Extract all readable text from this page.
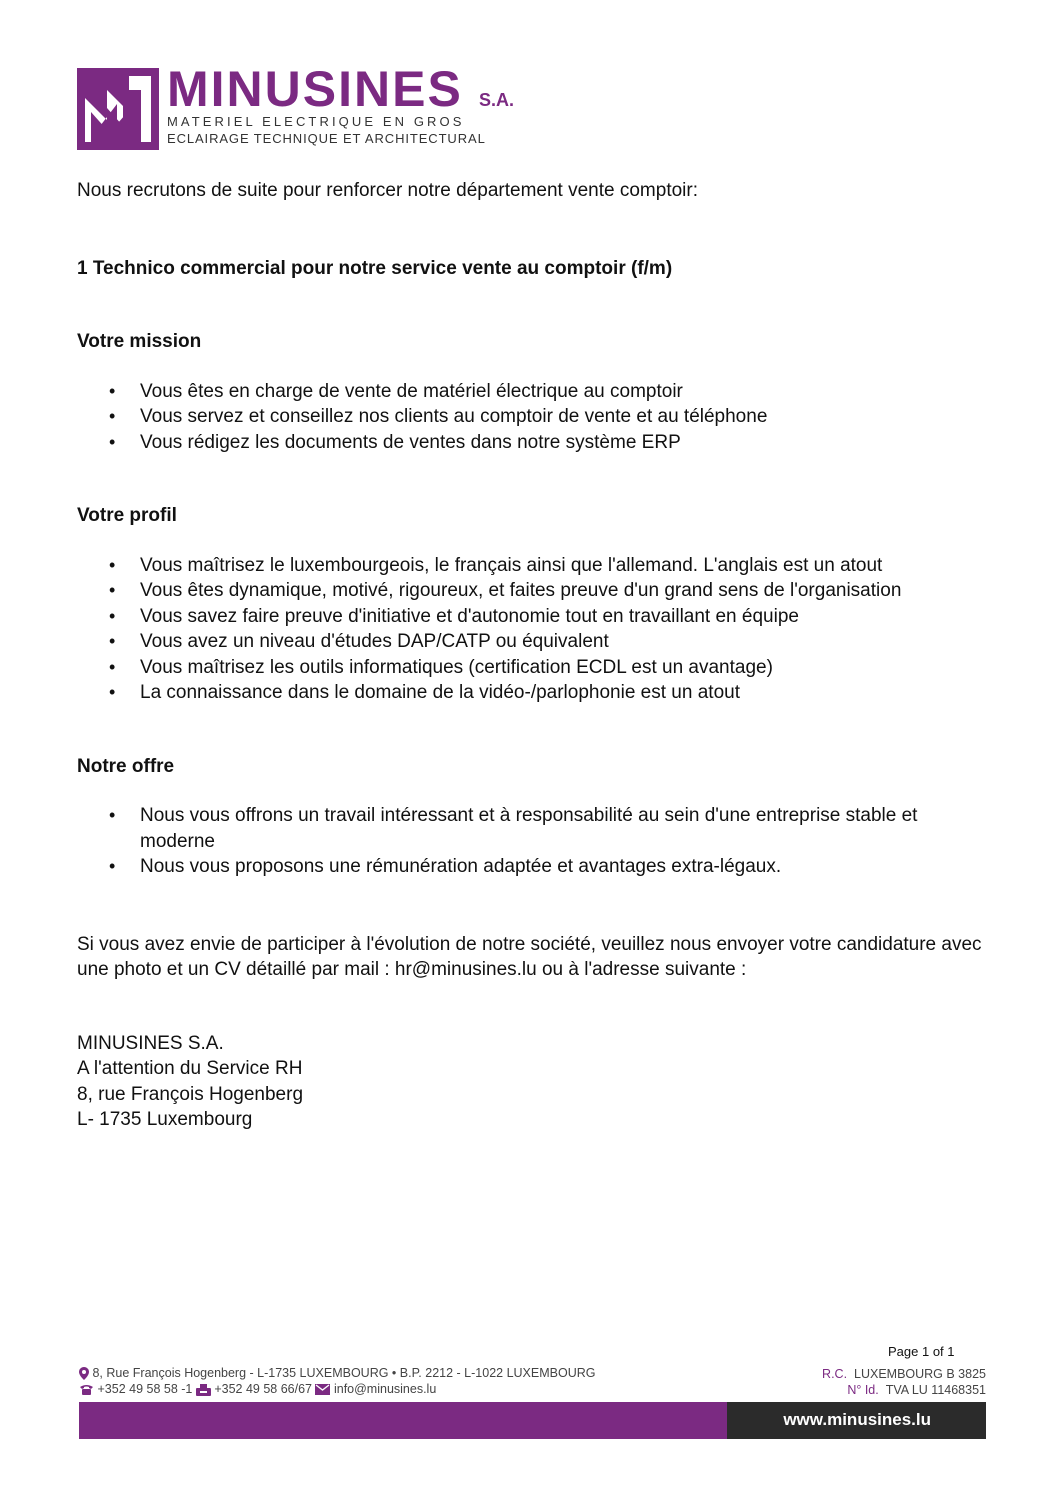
MINUSINES S.A.
MATERIEL ELECTRIQUE EN GROS
ECLAIRAGE TECHNIQUE ET ARCHITECTURAL

Nous recrutons de suite pour renforcer notre département vente comptoir:

1 Technico commercial pour notre service vente au comptoir (f/m)

Votre mission

• Vous êtes en charge de vente de matériel électrique au comptoir
• Vous servez et conseillez nos clients au comptoir de vente et au téléphone
• Vous rédigez les documents de ventes dans notre système ERP

Votre profil

• Vous maîtrisez le luxembourgeois, le français ainsi que l'allemand. L'anglais est un atout
• Vous êtes dynamique, motivé, rigoureux, et faites preuve d'un grand sens de l'organisation
• Vous savez faire preuve d'initiative et d'autonomie tout en travaillant en équipe
• Vous avez un niveau d'études DAP/CATP ou équivalent
• Vous maîtrisez les outils informatiques (certification ECDL est un avantage)
• La connaissance dans le domaine de la vidéo-/parlophonie est un atout

Notre offre

• Nous vous offrons un travail intéressant et à responsabilité au sein d'une entreprise stable et moderne
• Nous vous proposons une rémunération adaptée et avantages extra-légaux.

Si vous avez envie de participer à l'évolution de notre société, veuillez nous envoyer votre candidature avec une photo et un CV détaillé par mail : hr@minusines.lu ou à l'adresse suivante :

MINUSINES S.A.

A l'attention du Service RH

8, rue François Hogenberg

L- 1735 Luxembourg

Page 1 of 1
8, Rue François Hogenberg - L-1735 LUXEMBOURG • B.P. 2212 - L-1022 LUXEMBOURG
+352 49 58 58 -1 +352 49 58 66/67 info@minusines.lu
R.C. LUXEMBOURG B 3825
N° Id. TVA LU 11468351
www.minusines.lu
